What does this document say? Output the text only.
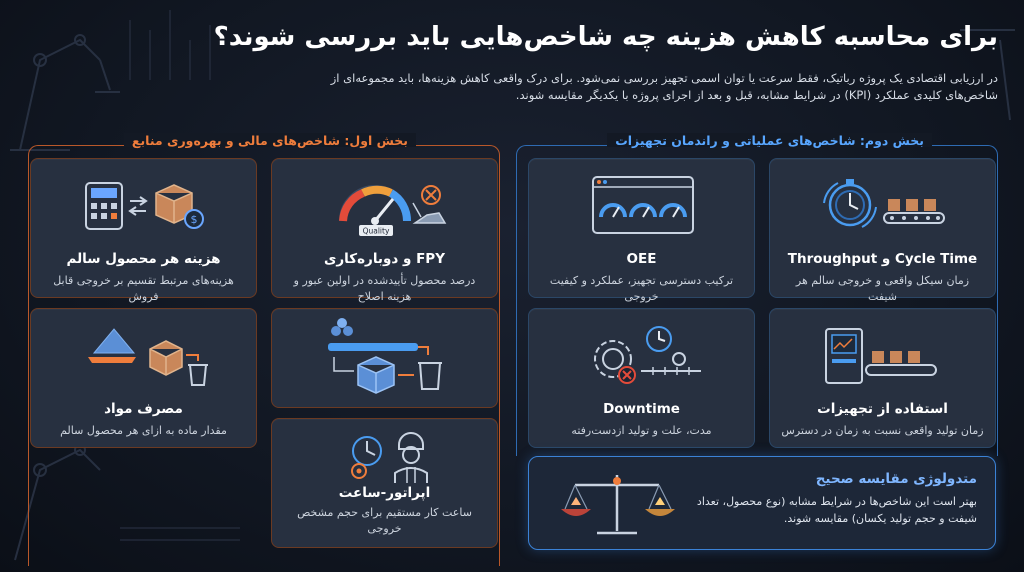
برای محاسبه کاهش هزینه چه شاخص‌هایی باید بررسی شوند؟
در ارزیابی اقتصادی یک پروژه رباتیک، فقط سرعت یا توان اسمی تجهیز بررسی نمی‌شود. برای درک واقعی کاهش هزینه‌ها، باید مجموعه‌ای از شاخص‌های کلیدی عملکرد (KPI) در شرایط مشابه، قبل و بعد از اجرای پروژه با یکدیگر مقایسه شوند.
بخش اول: شاخص‌های مالی و بهره‌وری منابع	بخش دوم: شاخص‌های عملیاتی و راندمان تجهیزات
$
هزینه هر محصول سالم
هزینه‌های مرتبط تقسیم بر خروجی قابل فروش
Quality
FPY و دوباره‌کاری
درصد محصول تأییدشده در اولین عبور و هزینه اصلاح
مصرف مواد
مقدار ماده به ازای هر محصول سالم
اپراتور-ساعت
ساعت کار مستقیم برای حجم مشخص خروجی
Cycle Time و Throughput
زمان سیکل واقعی و خروجی سالم هر شیفت
OEE
ترکیب دسترسی تجهیز، عملکرد و کیفیت خروجی
استفاده از تجهیزات
زمان تولید واقعی نسبت به زمان در دسترس
Downtime
مدت، علت و تولید ازدست‌رفته
متدولوژی مقایسه صحیح
بهتر است این شاخص‌ها در شرایط مشابه (نوع محصول، تعداد شیفت و حجم تولید یکسان) مقایسه شوند.
